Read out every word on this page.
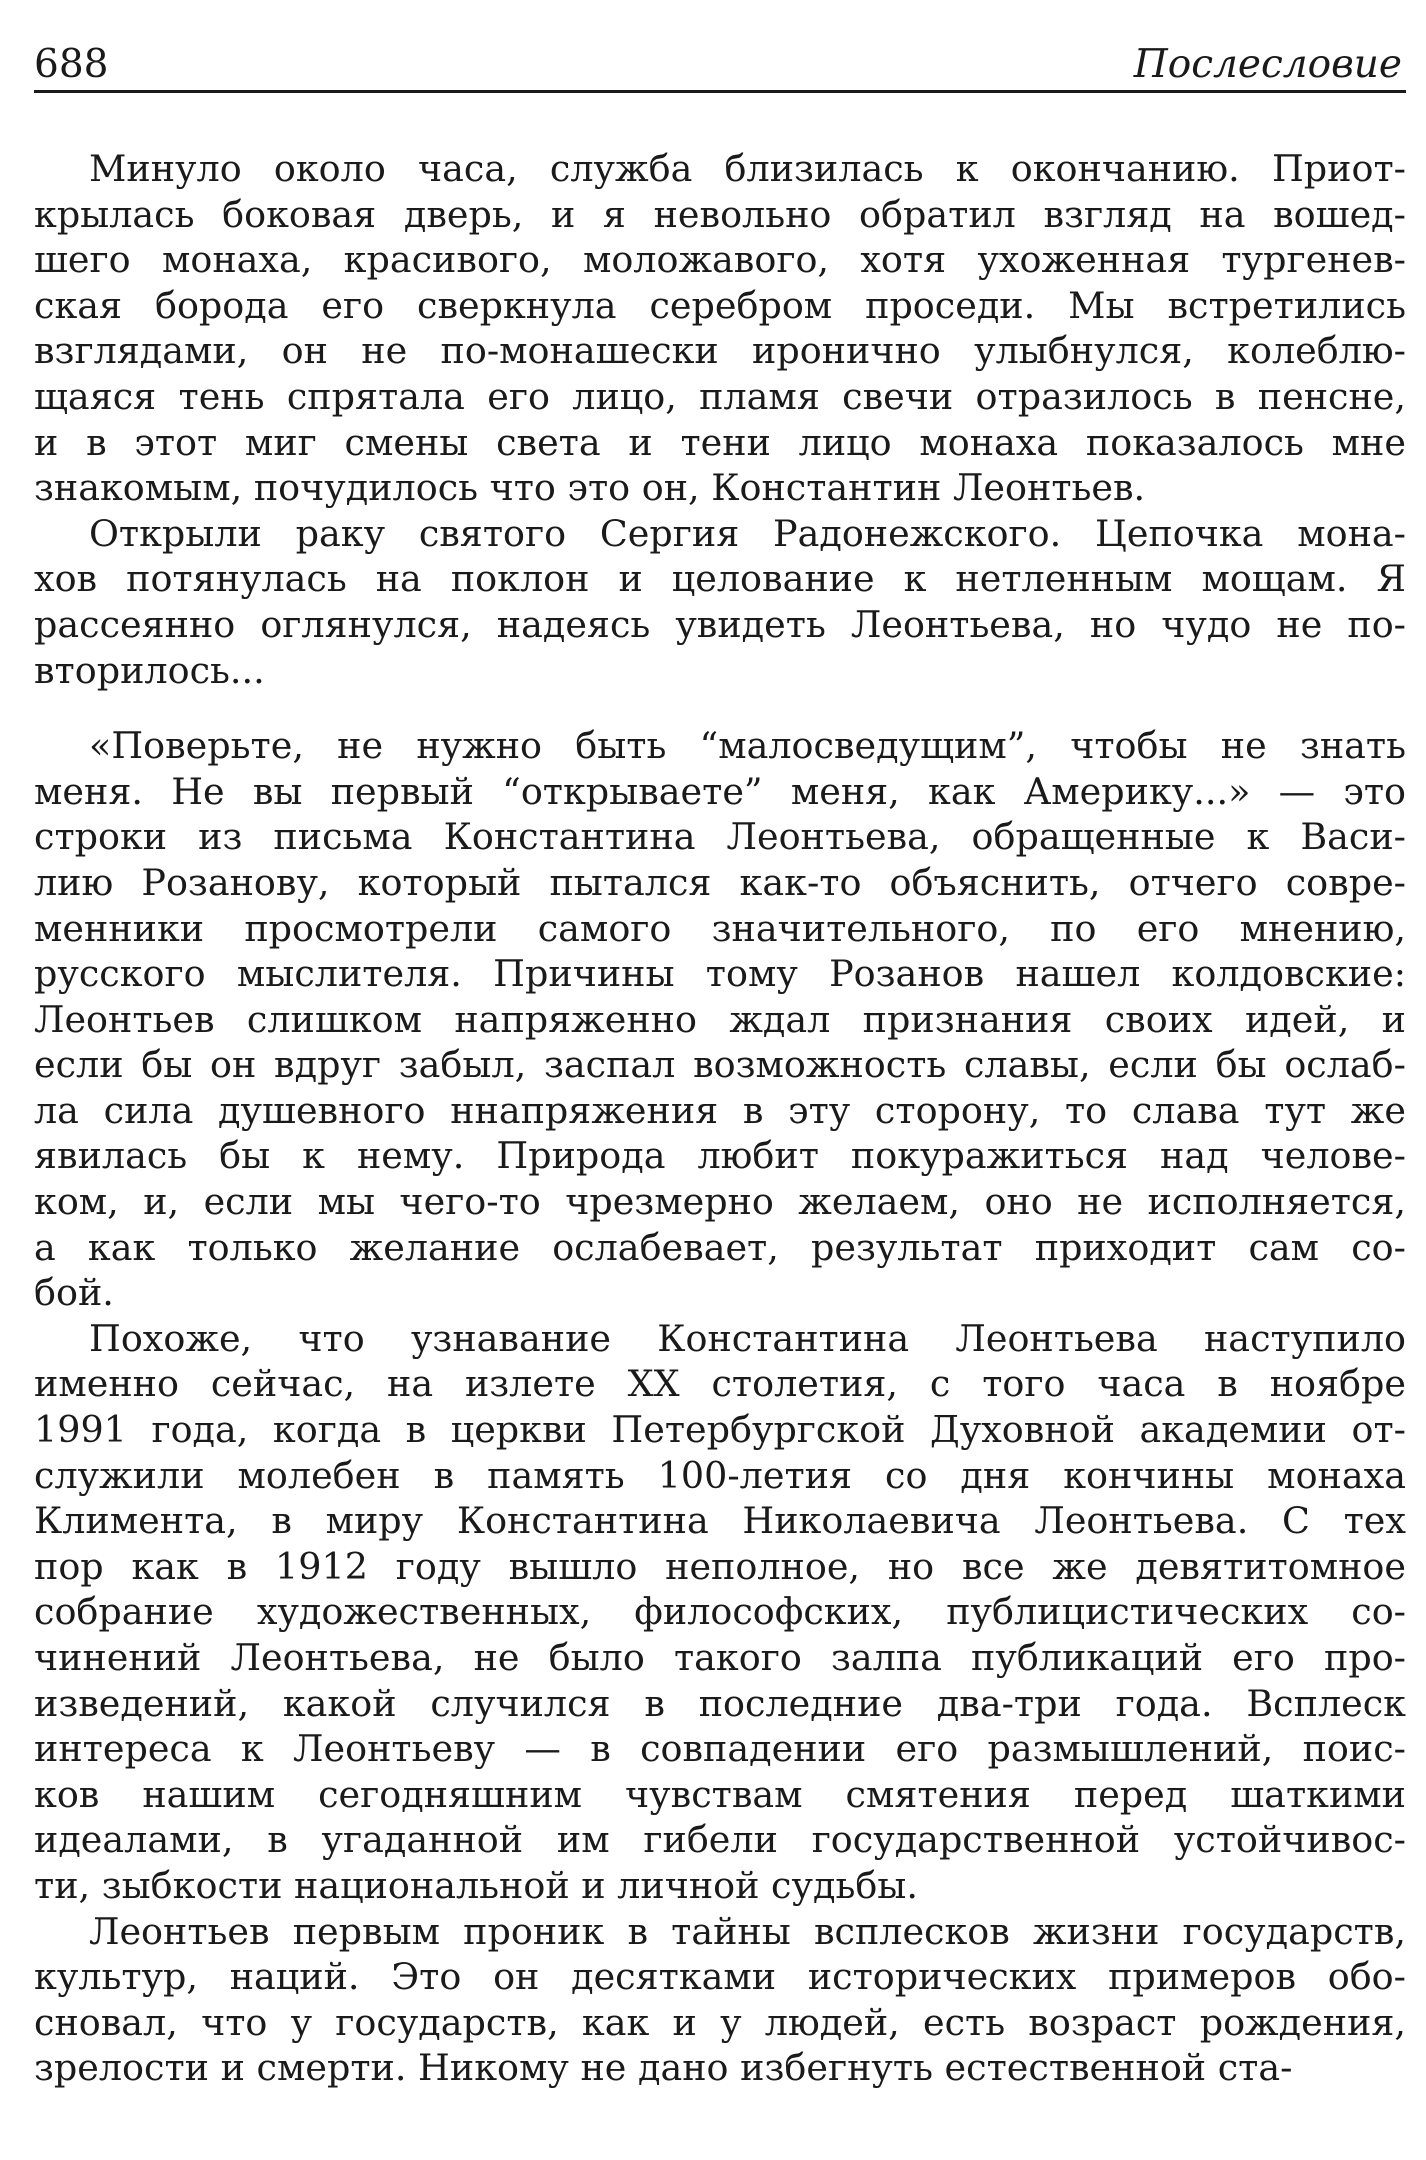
688	Послесловие
Минуло около часа, служба близилась к окончанию. Приот-
крылась боковая дверь, и я невольно обратил взгляд на вошед-
шего монаха, красивого, моложавого, хотя ухоженная тургенев-
ская борода его сверкнула серебром проседи. Мы встретились
взглядами, он не по-монашески иронично улыбнулся, колеблю-
щаяся тень спрятала его лицо, пламя свечи отразилось в пенсне,
и в этот миг смены света и тени лицо монаха показалось мне
знакомым, почудилось что это он, Константин Леонтьев.
Открыли раку святого Сергия Радонежского. Цепочка мона-
хов потянулась на поклон и целование к нетленным мощам. Я
рассеянно оглянулся, надеясь увидеть Леонтьева, но чудо не по-
вторилось...
«Поверьте, не нужно быть “малосведущим”, чтобы не знать
меня. Не вы первый “открываете” меня, как Америку...» — это
строки из письма Константина Леонтьева, обращенные к Васи-
лию Розанову, который пытался как-то объяснить, отчего совре-
менники просмотрели самого значительного, по его мнению,
русского мыслителя. Причины тому Розанов нашел колдовские:
Леонтьев слишком напряженно ждал признания своих идей, и
если бы он вдруг забыл, заспал возможность славы, если бы ослаб-
ла сила душевного ннапряжения в эту сторону, то слава тут же
явилась бы к нему. Природа любит покуражиться над челове-
ком, и, если мы чего-то чрезмерно желаем, оно не исполняется,
а как только желание ослабевает, результат приходит сам со-
бой.
Похоже, что узнавание Константина Леонтьева наступило
именно сейчас, на излете XX столетия, с того часа в ноябре
1991 года, когда в церкви Петербургской Духовной академии от-
служили молебен в память 100-летия со дня кончины монаха
Климента, в миру Константина Николаевича Леонтьева. С тех
пор как в 1912 году вышло неполное, но все же девятитомное
собрание художественных, философских, публицистических со-
чинений Леонтьева, не было такого залпа публикаций его про-
изведений, какой случился в последние два-три года. Всплеск
интереса к Леонтьеву — в совпадении его размышлений, поис-
ков нашим сегодняшним чувствам смятения перед шаткими
идеалами, в угаданной им гибели государственной устойчивос-
ти, зыбкости национальной и личной судьбы.
Леонтьев первым проник в тайны всплесков жизни государств,
культур, наций. Это он десятками исторических примеров обо-
сновал, что у государств, как и у людей, есть возраст рождения,
зрелости и смерти. Никому не дано избегнуть естественной ста-
